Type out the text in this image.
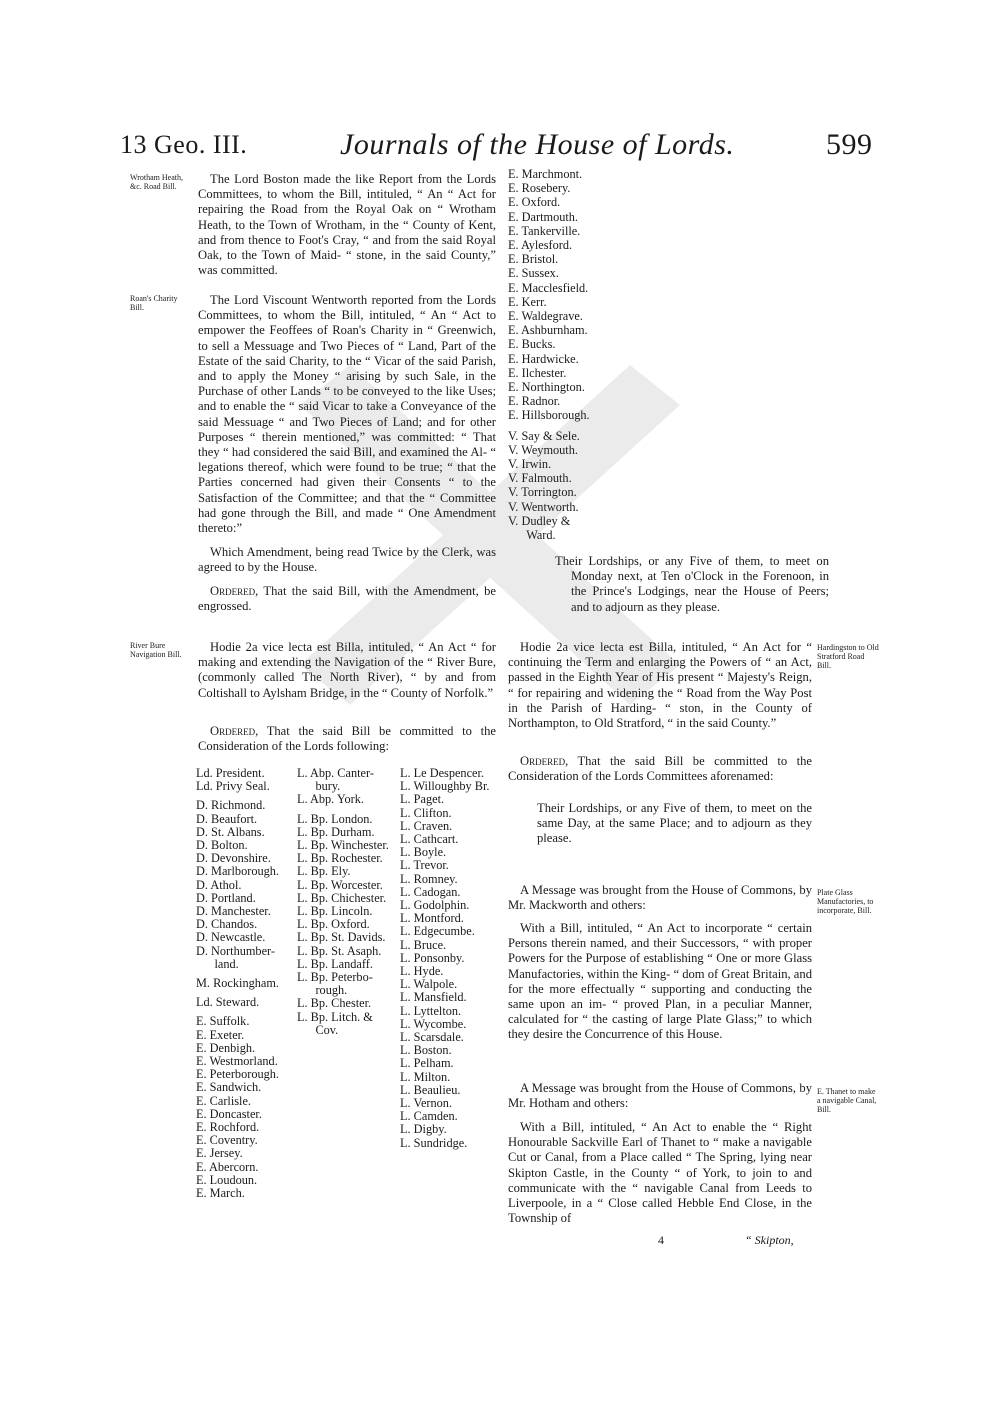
13 Geo. III.	Journals of the House of Lords.	599
Wrotham Heath, &c. Road Bill.
Roan's Charity Bill.
River Bure Navigation Bill.
Hardingston to Old Stratford Road Bill.
Plate Glass Manufactories, to incorporate, Bill.
E. Thanet to make a navigable Canal, Bill.

The Lord Boston made the like Report from the Lords Committees, to whom the Bill, intituled, “ An “ Act for repairing the Road from the Royal Oak on “ Wrotham Heath, to the Town of Wrotham, in the “ County of Kent, and from thence to Foot's Cray, “ and from the said Royal Oak, to the Town of Maid- “ stone, in the said County,” was committed.

The Lord Viscount Wentworth reported from the Lords Committees, to whom the Bill, intituled, “ An “ Act to empower the Feoffees of Roan's Charity in “ Greenwich, to sell a Messuage and Two Pieces of “ Land, Part of the Estate of the said Charity, to the “ Vicar of the said Parish, and to apply the Money “ arising by such Sale, in the Purchase of other Lands “ to be conveyed to the like Uses; and to enable the “ said Vicar to take a Conveyance of the said Messuage “ and Two Pieces of Land; and for other Purposes “ therein mentioned,” was committed: “ That they “ had considered the said Bill, and examined the Al- “ legations thereof, which were found to be true; “ that the Parties concerned had given their Consents “ to the Satisfaction of the Committee; and that the “ Committee had gone through the Bill, and made “ One Amendment thereto:”

Which Amendment, being read Twice by the Clerk, was agreed to by the House.

Ordered, That the said Bill, with the Amendment, be engrossed.

Hodie 2a vice lecta est Billa, intituled, “ An Act “ for making and extending the Navigation of the “ River Bure, (commonly called The North River), “ by and from Coltishall to Aylsham Bridge, in the “ County of Norfolk.”

Ordered, That the said Bill be committed to the Consideration of the Lords following:

Ld. President.
Ld. Privy Seal.
D. Richmond.
D. Beaufort.
D. St. Albans.
D. Bolton.
D. Devonshire.
D. Marlborough.
D. Athol.
D. Portland.
D. Manchester.
D. Chandos.
D. Newcastle.
D. Northumber-
land.
M. Rockingham.
Ld. Steward.
E. Suffolk.
E. Exeter.
E. Denbigh.
E. Westmorland.
E. Peterborough.
E. Sandwich.
E. Carlisle.
E. Doncaster.
E. Rochford.
E. Coventry.
E. Jersey.
E. Abercorn.
E. Loudoun.
E. March.
L. Abp. Canter-
bury.
L. Abp. York.
L. Bp. London.
L. Bp. Durham.
L. Bp. Winchester.
L. Bp. Rochester.
L. Bp. Ely.
L. Bp. Worcester.
L. Bp. Chichester.
L. Bp. Lincoln.
L. Bp. Oxford.
L. Bp. St. Davids.
L. Bp. St. Asaph.
L. Bp. Landaff.
L. Bp. Peterbo-
rough.
L. Bp. Chester.
L. Bp. Litch. &
Cov.
L. Le Despencer.
L. Willoughby Br.
L. Paget.
L. Clifton.
L. Craven.
L. Cathcart.
L. Boyle.
L. Trevor.
L. Romney.
L. Cadogan.
L. Godolphin.
L. Montford.
L. Edgecumbe.
L. Bruce.
L. Ponsonby.
L. Hyde.
L. Walpole.
L. Mansfield.
L. Lyttelton.
L. Wycombe.
L. Scarsdale.
L. Boston.
L. Pelham.
L. Milton.
L. Beaulieu.
L. Vernon.
L. Camden.
L. Digby.
L. Sundridge.
E. Marchmont.
E. Rosebery.
E. Oxford.
E. Dartmouth.
E. Tankerville.
E. Aylesford.
E. Bristol.
E. Sussex.
E. Macclesfield.
E. Kerr.
E. Waldegrave.
E. Ashburnham.
E. Bucks.
E. Hardwicke.
E. Ilchester.
E. Northington.
E. Radnor.
E. Hillsborough.
V. Say & Sele.
V. Weymouth.
V. Irwin.
V. Falmouth.
V. Torrington.
V. Wentworth.
V. Dudley &
Ward.

Their Lordships, or any Five of them, to meet on Monday next, at Ten o'Clock in the Forenoon, in the Prince's Lodgings, near the House of Peers; and to adjourn as they please.

Hodie 2a vice lecta est Billa, intituled, “ An Act for “ continuing the Term and enlarging the Powers of “ an Act, passed in the Eighth Year of His present “ Majesty's Reign, “ for repairing and widening the “ Road from the Way Post in the Parish of Harding- “ ston, in the County of Northampton, to Old Stratford, “ in the said County.”

Ordered, That the said Bill be committed to the Consideration of the Lords Committees aforenamed:

Their Lordships, or any Five of them, to meet on the same Day, at the same Place; and to adjourn as they please.

A Message was brought from the House of Commons, by Mr. Mackworth and others:

With a Bill, intituled, “ An Act to incorporate “ certain Persons therein named, and their Successors, “ with proper Powers for the Purpose of establishing “ One or more Glass Manufactories, within the King- “ dom of Great Britain, and for the more effectually “ supporting and conducting the same upon an im- “ proved Plan, in a peculiar Manner, calculated for “ the casting of large Plate Glass;” to which they desire the Concurrence of this House.

A Message was brought from the House of Commons, by Mr. Hotham and others:

With a Bill, intituled, “ An Act to enable the “ Right Honourable Sackville Earl of Thanet to “ make a navigable Cut or Canal, from a Place called “ The Spring, lying near Skipton Castle, in the County “ of York, to join to and communicate with the “ navigable Canal from Leeds to Liverpoole, in a “ Close called Hebble End Close, in the Township of

4	“ Skipton,
